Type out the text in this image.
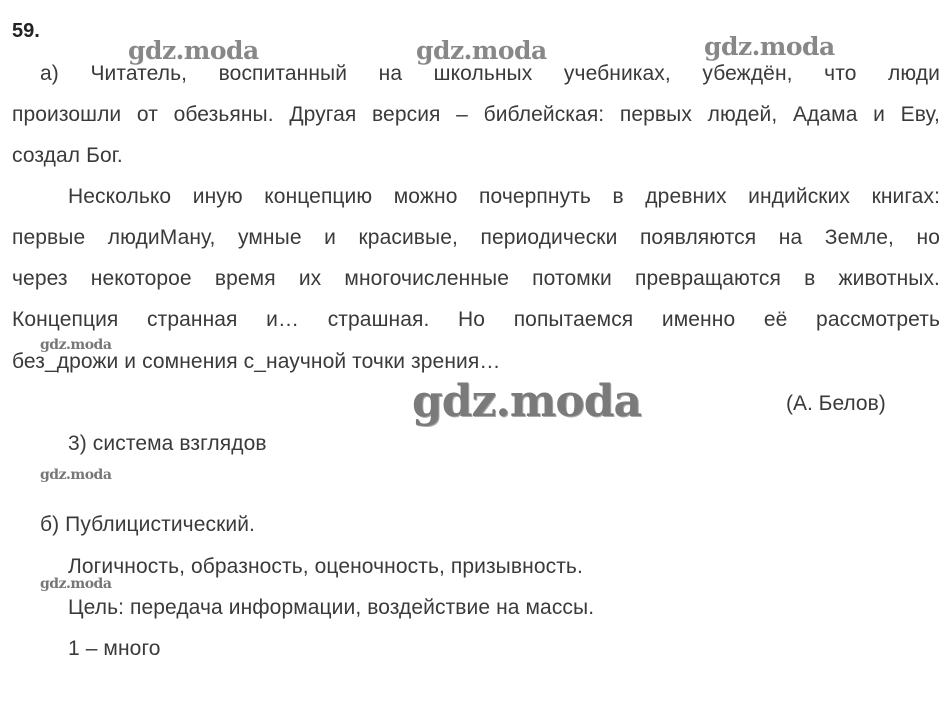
59.
gdz.moda	gdz.moda	gdz.moda
gdz.moda
gdz.moda
gdz.moda
gdz.moda
а) Читатель, воспитанный на школьных учебниках, убеждён, что люди
произошли от обезьяны. Другая версия – библейская: первых людей, Адама и Еву,
создал Бог.
Несколько иную концепцию можно почерпнуть в древних индийских книгах:
первые людиМану, умные и красивые, периодически появляются на Земле, но
через некоторое время их многочисленные потомки превращаются в животных.
Концепция странная и… страшная. Но попытаемся именно её рассмотреть
без_дрожи и сомнения с_научной точки зрения…
(А. Белов)
3) система взглядов
б) Публицистический.
Логичность, образность, оценочность, призывность.
Цель: передача информации, воздействие на массы.
1 – много
